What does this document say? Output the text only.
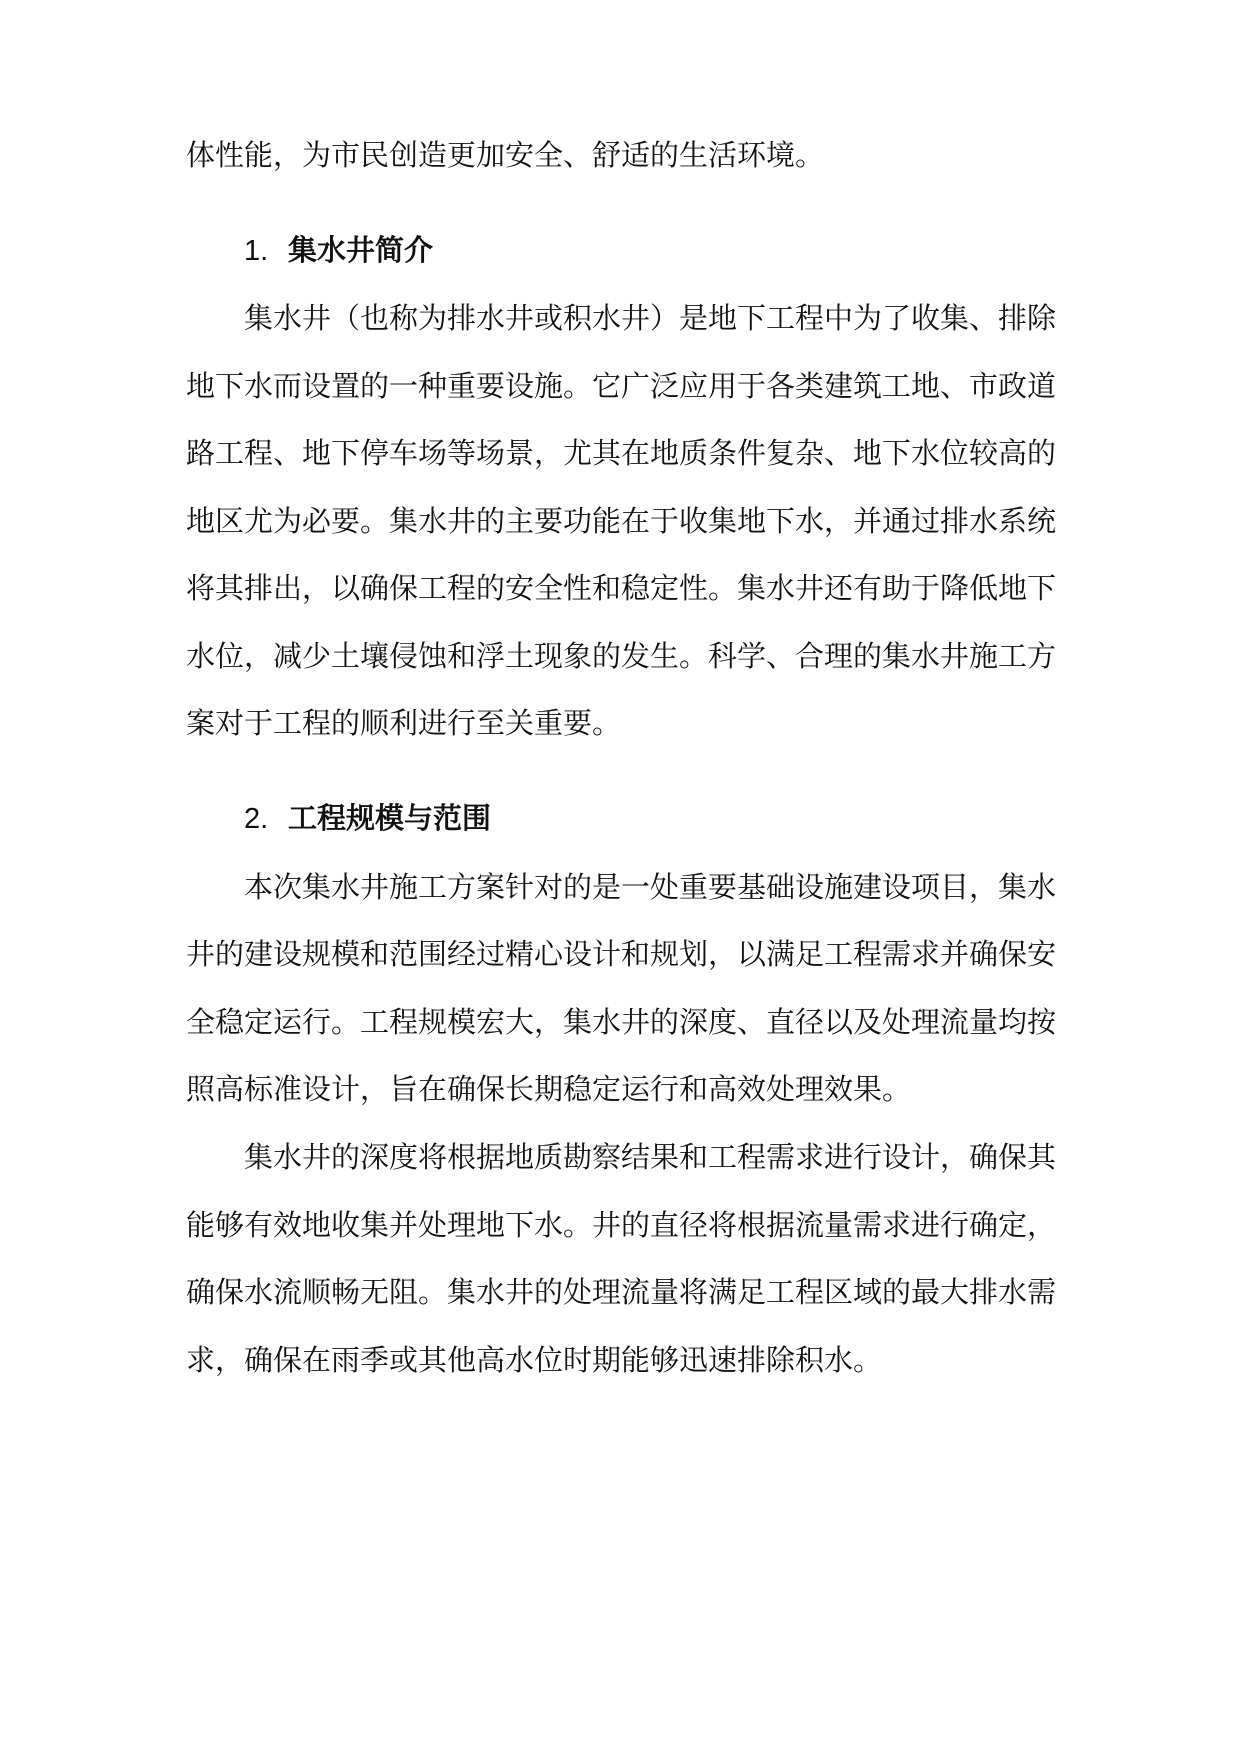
体性能，为市民创造更加安全、舒适的生活环境。
1. 集水井简介
集水井（也称为排水井或积水井）是地下工程中为了收集、排除
地下水而设置的一种重要设施。它广泛应用于各类建筑工地、市政道
路工程、地下停车场等场景，尤其在地质条件复杂、地下水位较高的
地区尤为必要。集水井的主要功能在于收集地下水，并通过排水系统
将其排出，以确保工程的安全性和稳定性。集水井还有助于降低地下
水位，减少土壤侵蚀和浮土现象的发生。科学、合理的集水井施工方
案对于工程的顺利进行至关重要。
2. 工程规模与范围
本次集水井施工方案针对的是一处重要基础设施建设项目，集水
井的建设规模和范围经过精心设计和规划，以满足工程需求并确保安
全稳定运行。工程规模宏大，集水井的深度、直径以及处理流量均按
照高标准设计，旨在确保长期稳定运行和高效处理效果。
集水井的深度将根据地质勘察结果和工程需求进行设计，确保其
能够有效地收集并处理地下水。井的直径将根据流量需求进行确定，
确保水流顺畅无阻。集水井的处理流量将满足工程区域的最大排水需
求，确保在雨季或其他高水位时期能够迅速排除积水。
